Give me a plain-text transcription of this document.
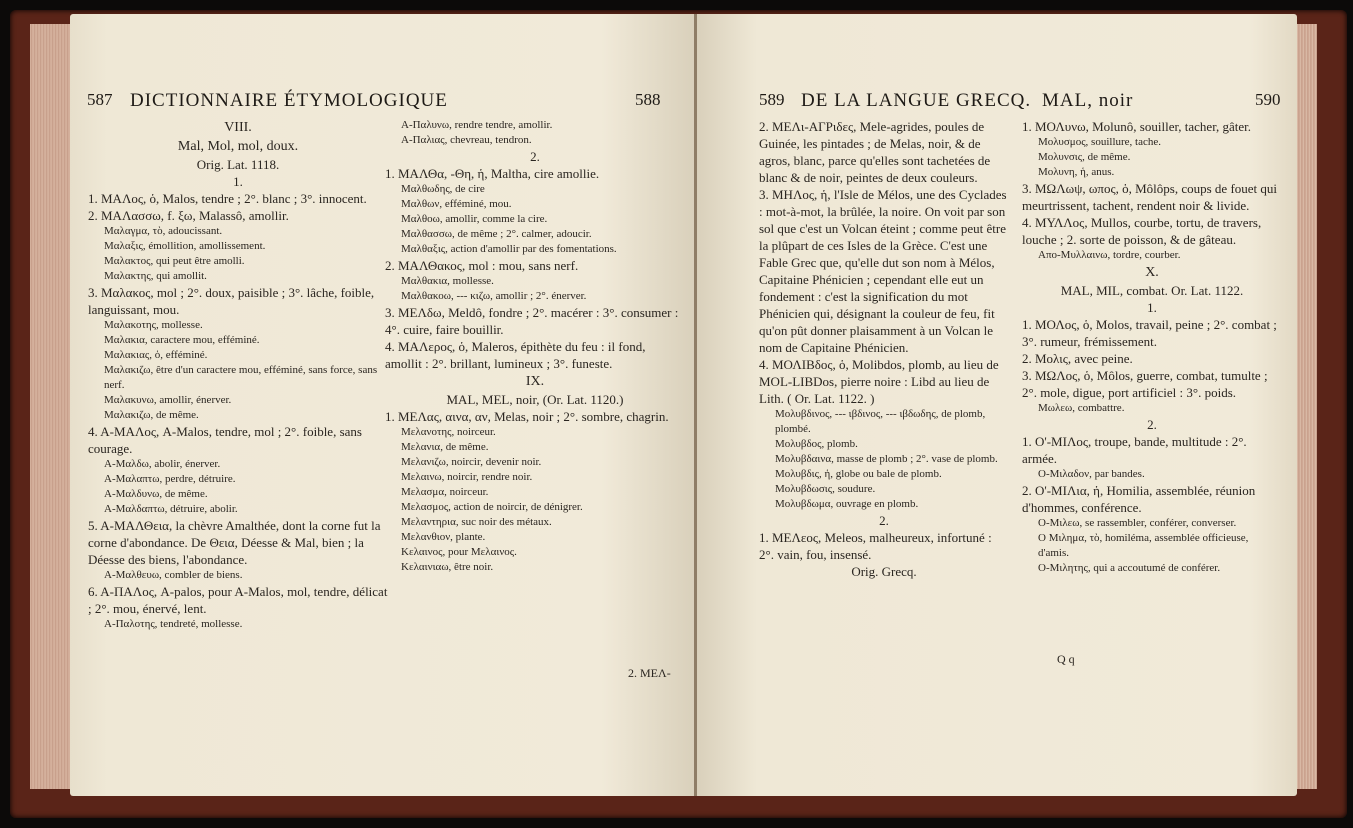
587 DICTIONNAIRE ÉTYMOLOGIQUE	588

VIII.

Mal, Mol, mol, doux.

Orig. Lat. 1118.

1.

1. ΜΑΛος, ὁ, Malos, tendre ; 2°. blanc ; 3°. innocent.

2. ΜΑΛασσω, f. ξω, Malassô, amollir.

Μαλαγμα, τὸ, adoucissant.

Μαλαξις, émollition, amollissement.

Μαλακτος, qui peut être amolli.

Μαλακτης, qui amollit.

3. Μαλακος, mol ; 2°. doux, paisible ; 3°. lâche, foible, languissant, mou.

Μαλακοτης, mollesse.

Μαλακια, caractere mou, efféminé.

Μαλακιας, ὁ, efféminé.

Μαλακιζω, être d'un caractere mou, efféminé, sans force, sans nerf.

Μαλακυνω, amollir, énerver.

Μαλακιζω, de même.

4. Α-ΜΑΛος, A-Malos, tendre, mol ; 2°. foible, sans courage.

Α-Μαλδω, abolir, énerver.

Α-Μαλαπτω, perdre, détruire.

Α-Μαλδυνω, de même.

Α-Μαλδαπτω, détruire, abolir.

5. Α-ΜΑΛΘεια, la chèvre Amalthée, dont la corne fut la corne d'abondance. De Θεια, Déesse & Mal, bien ; la Déesse des biens, l'abondance.

Α-Μαλθευω, combler de biens.

6. Α-ΠΑΛος, A-palos, pour A-Malos, mol, tendre, délicat ; 2°. mou, énervé, lent.

Α-Παλοτης, tendreté, mollesse.

Α-Παλυνω, rendre tendre, amollir.

Α-Παλιας, chevreau, tendron.

2.

1. ΜΑΛΘα, -Θη, ἡ, Maltha, cire amollie.

Μαλθωδης, de cire

Μαλθων, efféminé, mou.

Μαλθοω, amollir, comme la cire.

Μαλθασσω, de même ; 2°. calmer, adoucir.

Μαλθαξις, action d'amollir par des fomentations.

2. ΜΑΛΘακος, mol : mou, sans nerf.

Μαλθακια, mollesse.

Μαλθακοω, --- κιζω, amollir ; 2°. énerver.

3. ΜΕΛδω, Meldô, fondre ; 2°. macérer : 3°. consumer : 4°. cuire, faire bouillir.

4. ΜΑΛερος, ὁ, Maleros, épithète du feu : il fond, amollit : 2°. brillant, lumineux ; 3°. funeste.

IX.

MAL, MEL, noir, (Or. Lat. 1120.)

1. ΜΕΛας, αινα, αν, Melas, noir ; 2°. sombre, chagrin.

Μελανοτης, noirceur.

Μελανια, de même.

Μελανιζω, noircir, devenir noir.

Μελαινω, noircir, rendre noir.

Μελασμα, noirceur.

Μελασμος, action de noircir, de dénigrer.

Μελαντηρια, suc noir des métaux.

Μελανθιον, plante.

Κελαινος, pour Μελαινος.

Κελαινιαω, être noir.

2. ΜΕΛ-
589 DE LA LANGUE GRECQ. MAL, noir	590

2. ΜΕΛι-ΑΓΡιδες, Mele-agrides, poules de Guinée, les pintades ; de Melas, noir, & de agros, blanc, parce qu'elles sont tachetées de blanc & de noir, peintes de deux couleurs.

3. ΜΗΛος, ἡ, l'Isle de Mélos, une des Cyclades : mot-à-mot, la brûlée, la noire. On voit par son sol que c'est un Volcan éteint ; comme peut être la plûpart de ces Isles de la Grèce. C'est une Fable Grec que, qu'elle dut son nom à Mélos, Capitaine Phénicien ; cependant elle eut un fondement : c'est la signification du mot Phénicien qui, désignant la couleur de feu, fit qu'on pût donner plaisamment à un Volcan le nom de Capitaine Phénicien.

4. ΜΟΛΙΒδος, ὁ, Molibdos, plomb, au lieu de MOL-LIBDos, pierre noire : Libd au lieu de Lith. ( Or. Lat. 1122. )

Μολυβδινος, --- ιβδινος, --- ιβδωδης, de plomb, plombé.

Μολυβδος, plomb.

Μολυβδαινα, masse de plomb ; 2°. vase de plomb.

Μολυβδις, ἡ, globe ou bale de plomb.

Μολυβδωσις, soudure.

Μολυβδωμα, ouvrage en plomb.

2.

1. ΜΕΛεος, Meleos, malheureux, infortuné : 2°. vain, fou, insensé.

Orig. Grecq.

1. ΜΟΛυνω, Molunô, souiller, tacher, gâter.

Μολυσμος, souillure, tache.

Μολυνσις, de même.

Μολυνη, ἡ, anus.

3. ΜΩΛωψ, ωπος, ὁ, Môlôps, coups de fouet qui meurtrissent, tachent, rendent noir & livide.

4. ΜΥΛΛος, Mullos, courbe, tortu, de travers, louche ; 2. sorte de poisson, & de gâteau.

Απο-Μυλλαινω, tordre, courber.

X.

MAL, MIL, combat. Or. Lat. 1122.

1.

1. ΜΟΛος, ὁ, Molos, travail, peine ; 2°. combat ; 3°. rumeur, frémissement.

2. Μολις, avec peine.

3. ΜΩΛος, ὁ, Môlos, guerre, combat, tumulte ; 2°. mole, digue, port artificiel : 3°. poids.

Μωλεω, combattre.

2.

1. Ο'-ΜΙΛος, troupe, bande, multitude : 2°. armée.

Ο-Μιλαδον, par bandes.

2. Ο'-ΜΙΛια, ἡ, Homilia, assemblée, réunion d'hommes, conférence.

Ο-Μιλεω, se rassembler, conférer, converser.

Ο Μιλημα, τὸ, homiléma, assemblée officieuse, d'amis.

Ο-Μιλητης, qui a accoutumé de conférer.

Q q
